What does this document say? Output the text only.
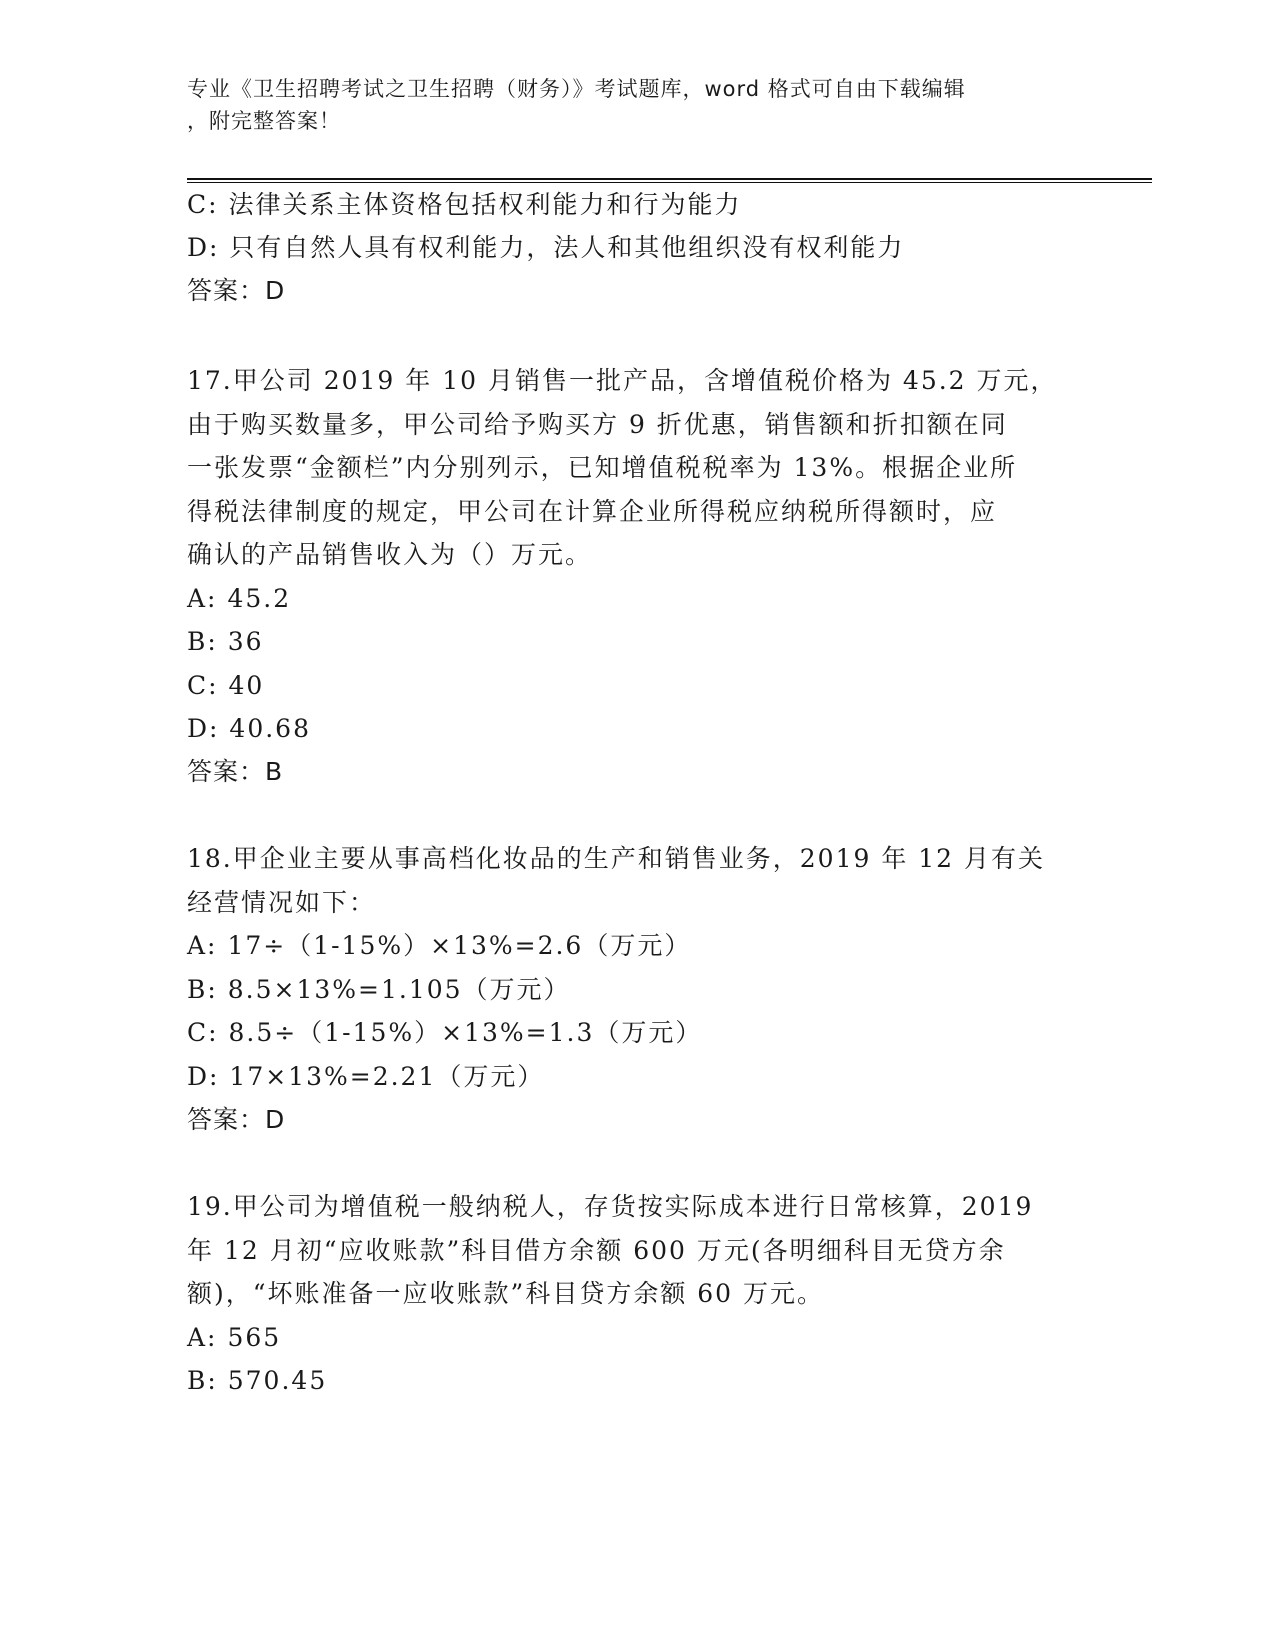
专业《卫生招聘考试之卫生招聘（财务）》考试题库，word 格式可自由下载编辑
，附完整答案！
C: 法律关系主体资格包括权利能力和行为能力
D: 只有自然人具有权利能力，法人和其他组织没有权利能力
答案：D
17.甲公司 2019 年 10 月销售一批产品，含增值税价格为 45.2 万元，
由于购买数量多，甲公司给予购买方 9 折优惠，销售额和折扣额在同
一张发票“金额栏”内分别列示，已知增值税税率为 13%。根据企业所
得税法律制度的规定，甲公司在计算企业所得税应纳税所得额时，应
确认的产品销售收入为（）万元。
A: 45.2
B: 36
C: 40
D: 40.68
答案：B
18.甲企业主要从事高档化妆品的生产和销售业务，2019 年 12 月有关
经营情况如下：
A: 17÷（1-15%）×13%=2.6（万元）
B: 8.5×13%=1.105（万元）
C: 8.5÷（1-15%）×13%=1.3（万元）
D: 17×13%=2.21（万元）
答案：D
19.甲公司为增值税一般纳税人，存货按实际成本进行日常核算，2019
年 12 月初“应收账款”科目借方余额 600 万元(各明细科目无贷方余
额)，“坏账准备一应收账款”科目贷方余额 60 万元。
A: 565
B: 570.45
